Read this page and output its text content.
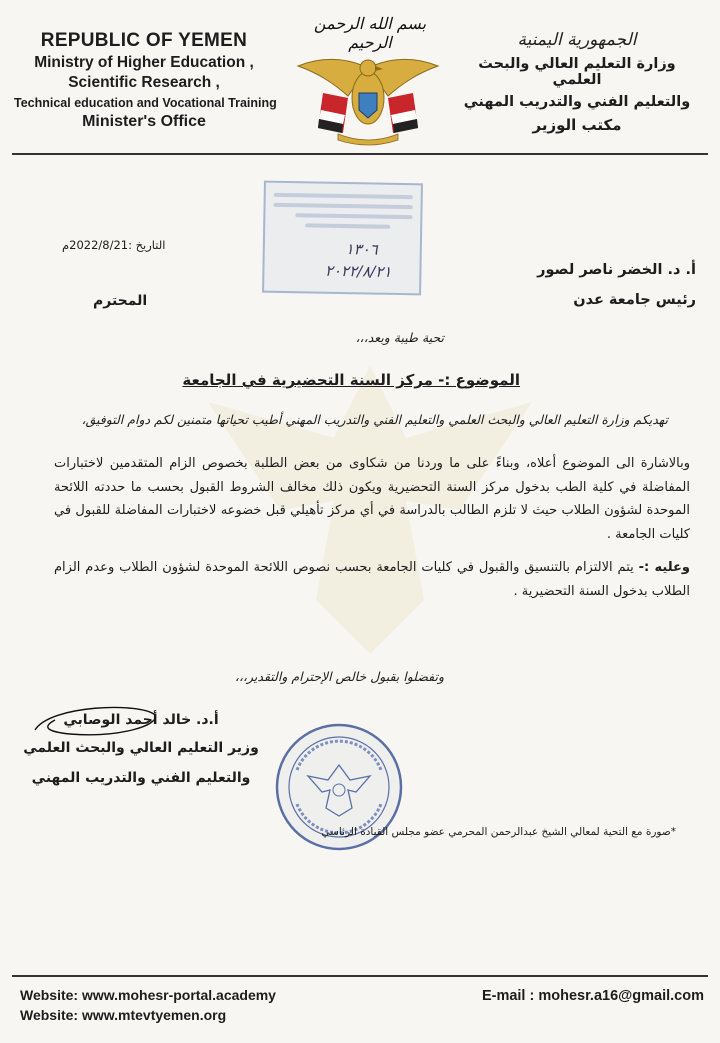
REPUBLIC OF YEMEN
Ministry of Higher Education ,
Scientific Research ,
Technical education and Vocational Training
Minister's Office
بسم الله الرحمن الرحيم	الجمهورية اليمنية
وزارة التعليم العالي والبحث العلمي
والتعليم الفني والتدريب المهني
مكتب الوزير
١٣٠٦
٢٠٢٢/٨/٢١
التاريخ :2022/8/21م
أ. د. الخضر ناصر لصور
رئيس جامعة عدن
المحترم
تحية طيبة وبعد،،،
الموضوع :- مركز السنة التحضيرية في الجامعة
تهديكم وزارة التعليم العالي والبحث العلمي والتعليم الفني والتدريب المهني أطيب تحياتها متمنين لكم دوام التوفيق،

وبالاشارة الى الموضوع أعلاه، وبناءً على ما وردنا من شكاوى من بعض الطلبة بخصوص الزام المتقدمين لاختبارات المفاضلة في كلية الطب بدخول مركز السنة التحضيرية ويكون ذلك مخالف الشروط القبول بحسب ما حددته اللائحة الموحدة لشؤون الطلاب حيث لا تلزم الطالب بالدراسة في أي مركز تأهيلي قبل خضوعه لاختبارات المفاضلة للقبول في كليات الجامعة .

وعليه :- يتم الالتزام بالتنسيق والقبول في كليات الجامعة بحسب نصوص اللائحة الموحدة لشؤون الطلاب وعدم الزام الطلاب بدخول السنة التحضيرية .

وتفضلوا بقبول خالص الإحترام والتقدير،،،
أ.د. خالد أحمد الوصابي
وزير التعليم العالي والبحث العلمي
والتعليم الفني والتدريب المهني
*صورة مع التحية لمعالي الشيخ عبدالرحمن المحرمي عضو مجلس القيادة الرئاسي
Website: www.mohesr-portal.academy
Website: www.mtevtyemen.org
E-mail : mohesr.a16@gmail.com
